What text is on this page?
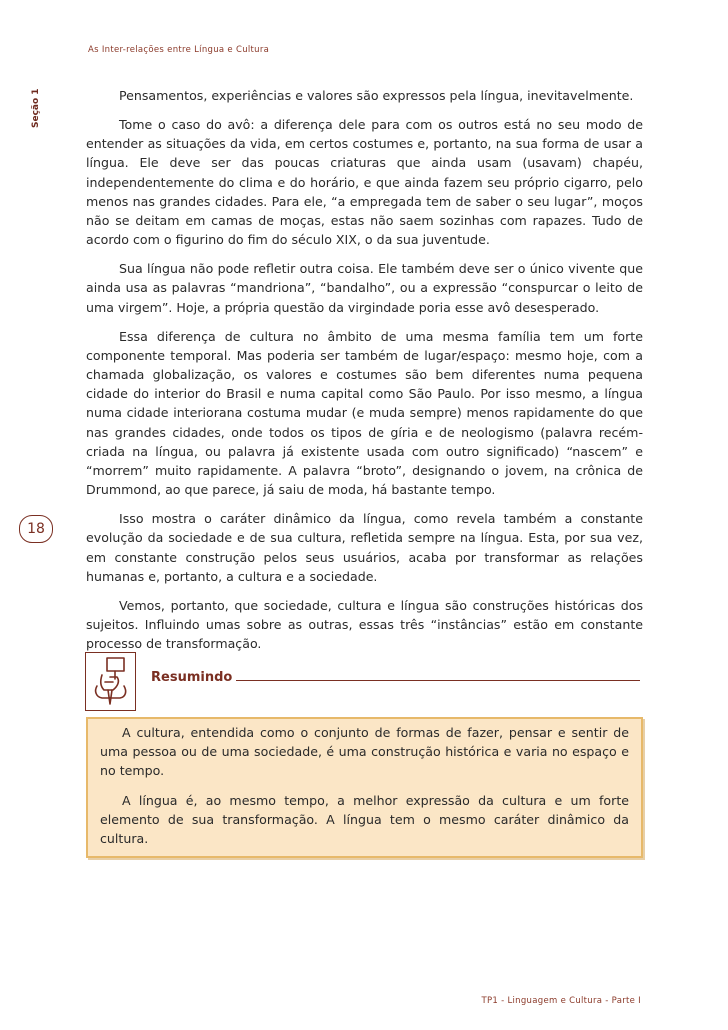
As Inter-relações entre Língua e Cultura
Seção 1
18

Pensamentos, experiências e valores são expressos pela língua, inevitavelmente.

Tome o caso do avô: a diferença dele para com os outros está no seu modo de entender as situações da vida, em certos costumes e, portanto, na sua forma de usar a língua. Ele deve ser das poucas criaturas que ainda usam (usavam) chapéu, independentemente do clima e do horário, e que ainda fazem seu próprio cigarro, pelo menos nas grandes cidades. Para ele, “a empregada tem de saber o seu lugar”, moços não se deitam em camas de moças, estas não saem sozinhas com rapazes. Tudo de acordo com o figurino do fim do século XIX, o da sua juventude.

Sua língua não pode refletir outra coisa. Ele também deve ser o único vivente que ainda usa as palavras “mandriona”, “bandalho”, ou a expressão “conspurcar o leito de uma virgem”. Hoje, a própria questão da virgindade poria esse avô desesperado.

Essa diferença de cultura no âmbito de uma mesma família tem um forte componente temporal. Mas poderia ser também de lugar/espaço: mesmo hoje, com a chamada globalização, os valores e costumes são bem diferentes numa pequena cidade do interior do Brasil e numa capital como São Paulo. Por isso mesmo, a língua numa cidade interiorana costuma mudar (e muda sempre) menos rapidamente do que nas grandes cidades, onde todos os tipos de gíria e de neologismo (palavra recém-criada na língua, ou palavra já existente usada com outro significado) “nascem” e “morrem” muito rapidamente. A palavra “broto”, designando o jovem, na crônica de Drummond, ao que parece, já saiu de moda, há bastante tempo.

Isso mostra o caráter dinâmico da língua, como revela também a constante evolução da sociedade e de sua cultura, refletida sempre na língua. Esta, por sua vez, em constante construção pelos seus usuários, acaba por transformar as relações humanas e, portanto, a cultura e a sociedade.

Vemos, portanto, que sociedade, cultura e língua são construções históricas dos sujeitos. Influindo umas sobre as outras, essas três “instâncias” estão em constante processo de transformação.

Resumindo

A cultura, entendida como o conjunto de formas de fazer, pensar e sentir de uma pessoa ou de uma sociedade, é uma construção histórica e varia no espaço e no tempo.

A língua é, ao mesmo tempo, a melhor expressão da cultura e um forte elemento de sua transformação. A língua tem o mesmo caráter dinâmico da cultura.

TP1 - Linguagem e Cultura - Parte I
